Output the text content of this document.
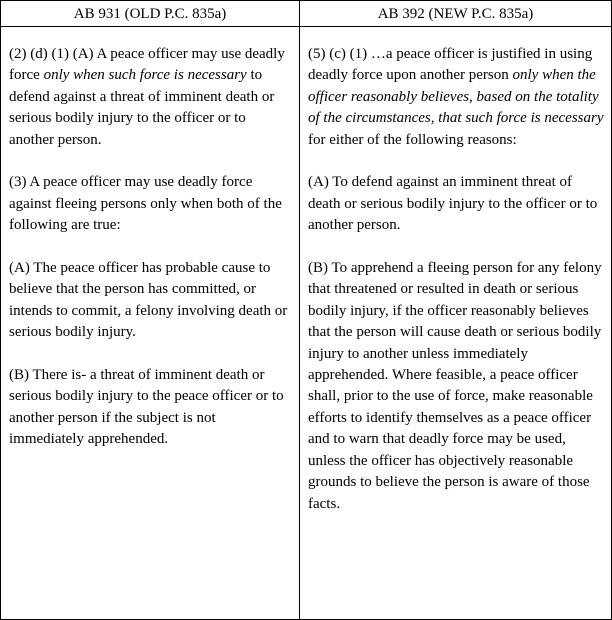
AB 931 (OLD P.C. 835a)

(2) (d) (1) (A) A peace officer may use deadly force only when such force is necessary to defend against a threat of imminent death or serious bodily injury to the officer or to another person.

(3) A peace officer may use deadly force against fleeing persons only when both of the following are true:

(A) The peace officer has probable cause to believe that the person has committed, or intends to commit, a felony involving death or serious bodily injury.

(B) There is- a threat of imminent death or serious bodily injury to the peace officer or to another person if the subject is not immediately apprehended.

AB 392 (NEW P.C. 835a)

(5) (c) (1) …a peace officer is justified in using deadly force upon another person only when the officer reasonably believes, based on the totality of the circumstances, that such force is necessary for either of the following reasons:

(A) To defend against an imminent threat of death or serious bodily injury to the officer or to another person.

(B) To apprehend a fleeing person for any felony that threatened or resulted in death or serious bodily injury, if the officer reasonably believes that the person will cause death or serious bodily injury to another unless immediately apprehended. Where feasible, a peace officer shall, prior to the use of force, make reasonable efforts to identify themselves as a peace officer and to warn that deadly force may be used, unless the officer has objectively reasonable grounds to believe the person is aware of those facts.
